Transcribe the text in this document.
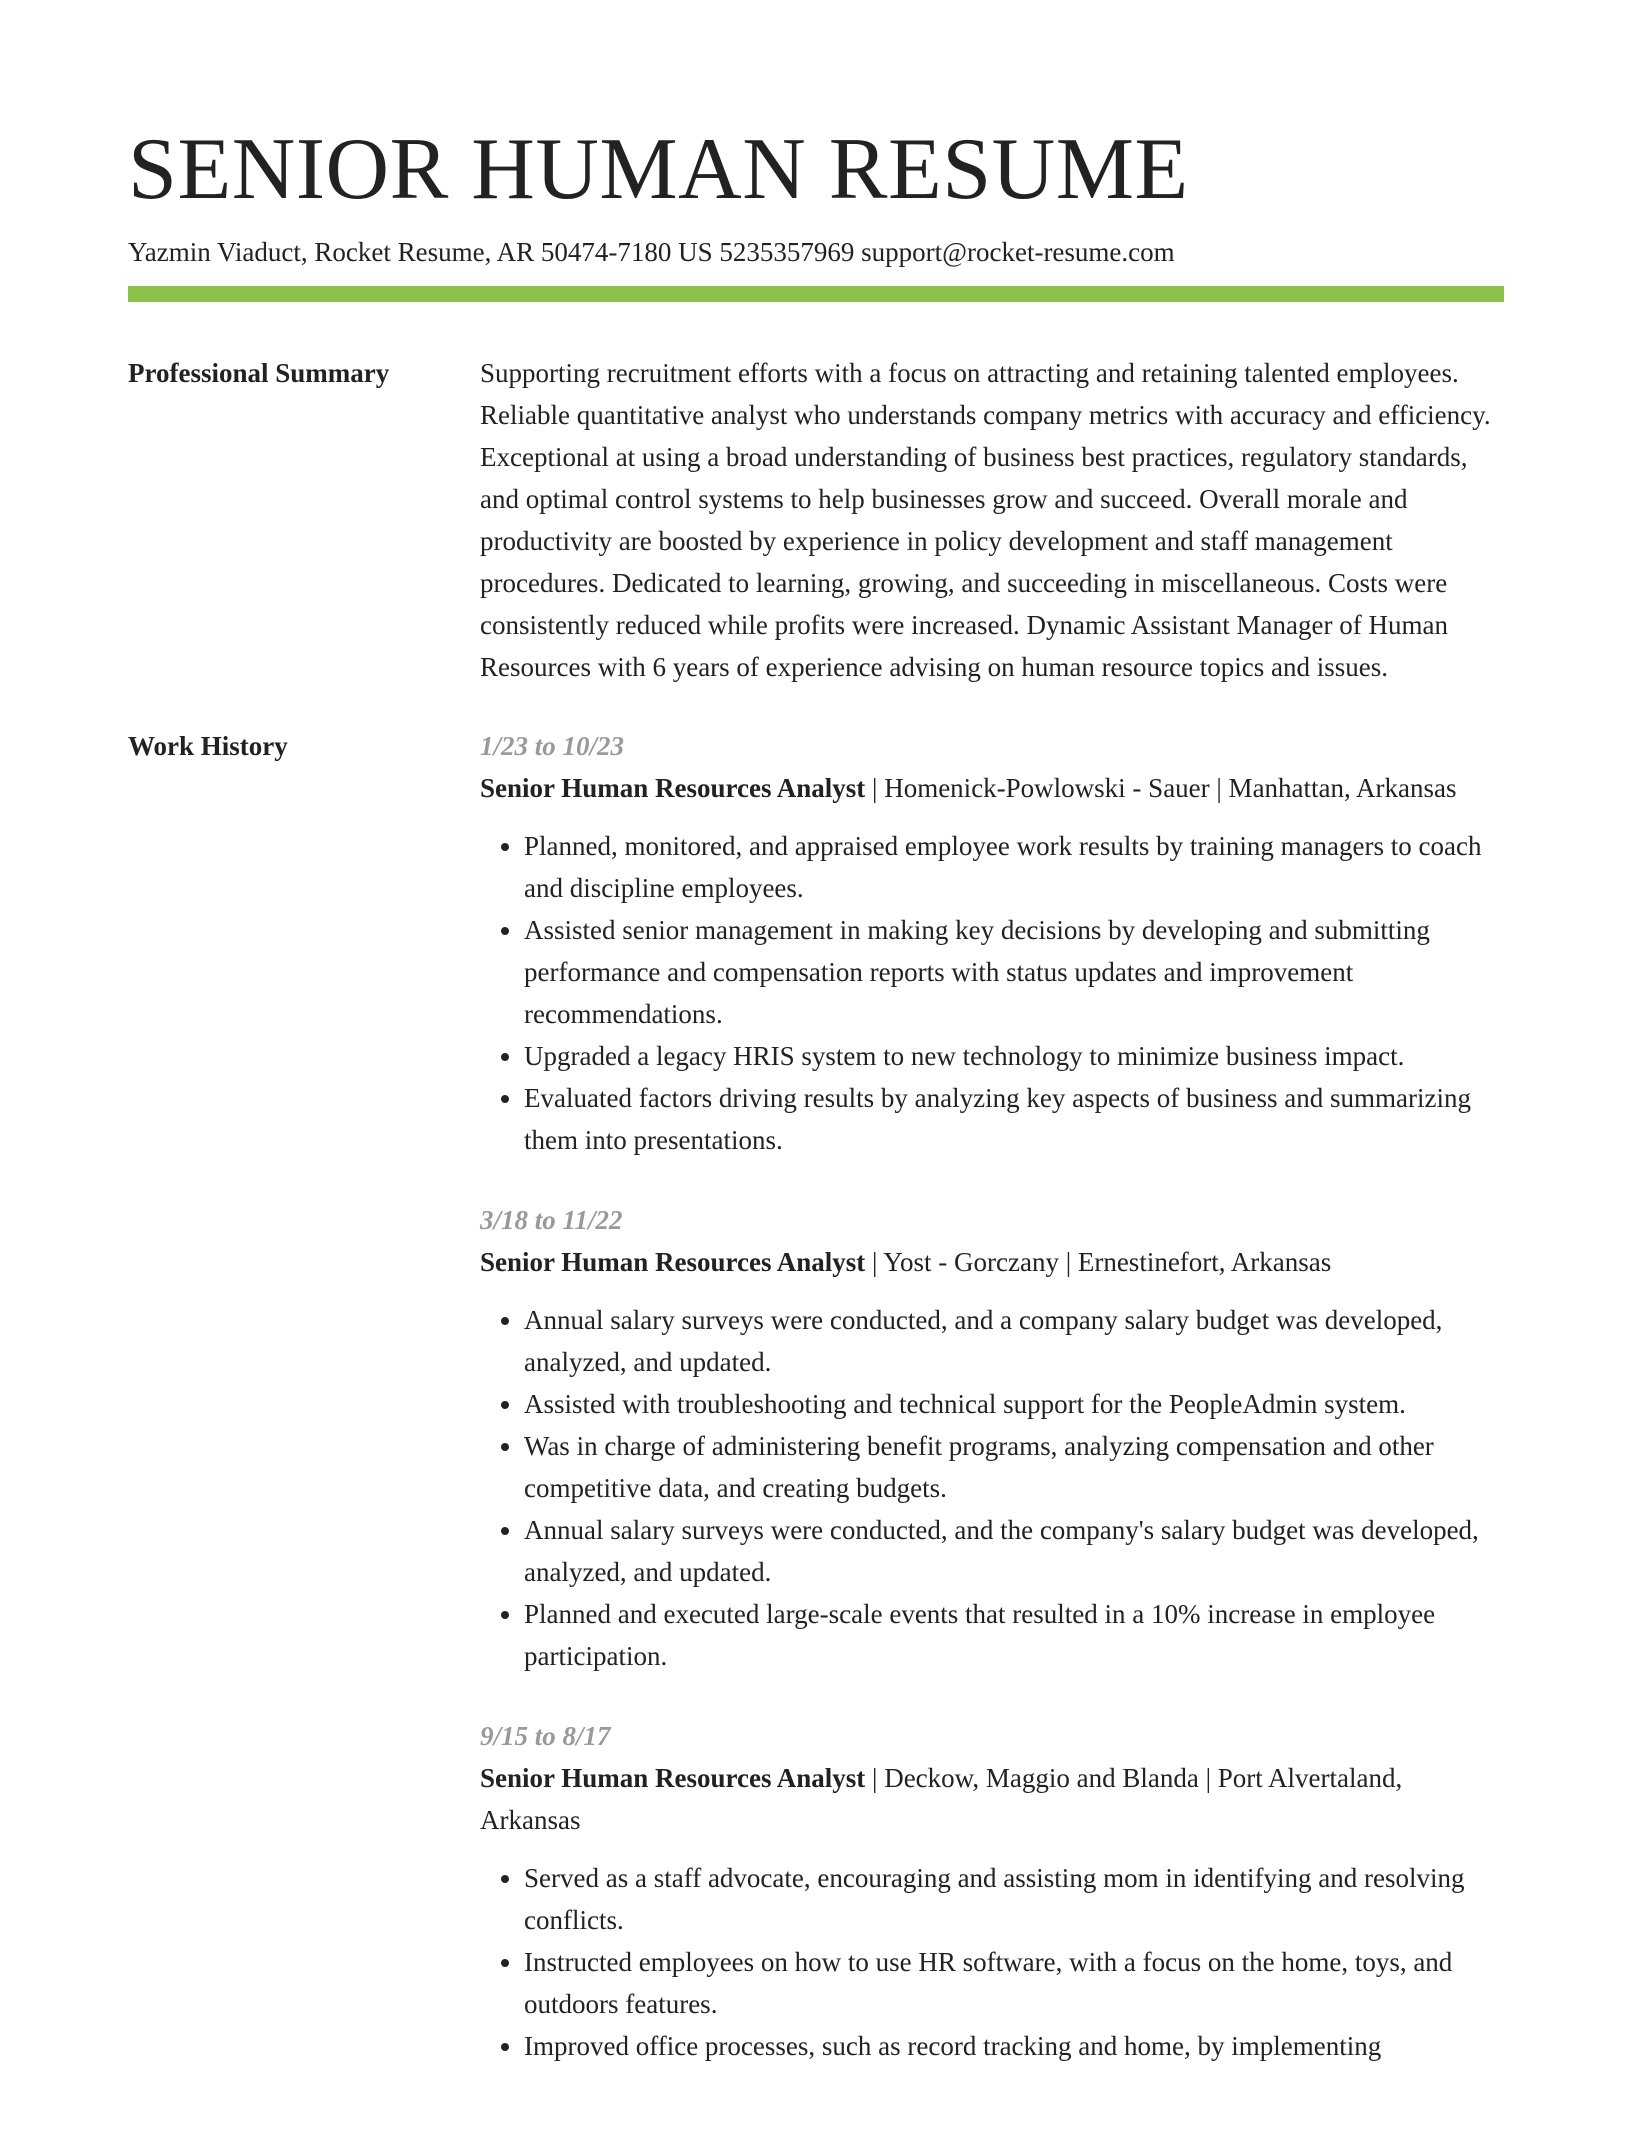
SENIOR HUMAN RESUME
Yazmin Viaduct, Rocket Resume, AR 50474-7180 US 5235357969 support@rocket-resume.com
Professional Summary	Supporting recruitment efforts with a focus on attracting and retaining talented employees. Reliable quantitative analyst who understands company metrics with accuracy and efficiency. Exceptional at using a broad understanding of business best practices, regulatory standards, and optimal control systems to help businesses grow and succeed. Overall morale and productivity are boosted by experience in policy development and staff management procedures. Dedicated to learning, growing, and succeeding in miscellaneous. Costs were consistently reduced while profits were increased. Dynamic Assistant Manager of Human Resources with 6 years of experience advising on human resource topics and issues.

Work History	1/23 to 10/23
Senior Human Resources Analyst | Homenick-Powlowski - Sauer | Manhattan, Arkansas
• Planned, monitored, and appraised employee work results by training managers to coach and discipline employees.
• Assisted senior management in making key decisions by developing and submitting performance and compensation reports with status updates and improvement recommendations.
• Upgraded a legacy HRIS system to new technology to minimize business impact.
• Evaluated factors driving results by analyzing key aspects of business and summarizing them into presentations.
3/18 to 11/22
Senior Human Resources Analyst | Yost - Gorczany | Ernestinefort, Arkansas
• Annual salary surveys were conducted, and a company salary budget was developed, analyzed, and updated.
• Assisted with troubleshooting and technical support for the PeopleAdmin system.
• Was in charge of administering benefit programs, analyzing compensation and other competitive data, and creating budgets.
• Annual salary surveys were conducted, and the company's salary budget was developed, analyzed, and updated.
• Planned and executed large-scale events that resulted in a 10% increase in employee participation.
9/15 to 8/17
Senior Human Resources Analyst | Deckow, Maggio and Blanda | Port Alvertaland, Arkansas
• Served as a staff advocate, encouraging and assisting mom in identifying and resolving conflicts.
• Instructed employees on how to use HR software, with a focus on the home, toys, and outdoors features.
• Improved office processes, such as record tracking and home, by implementing
